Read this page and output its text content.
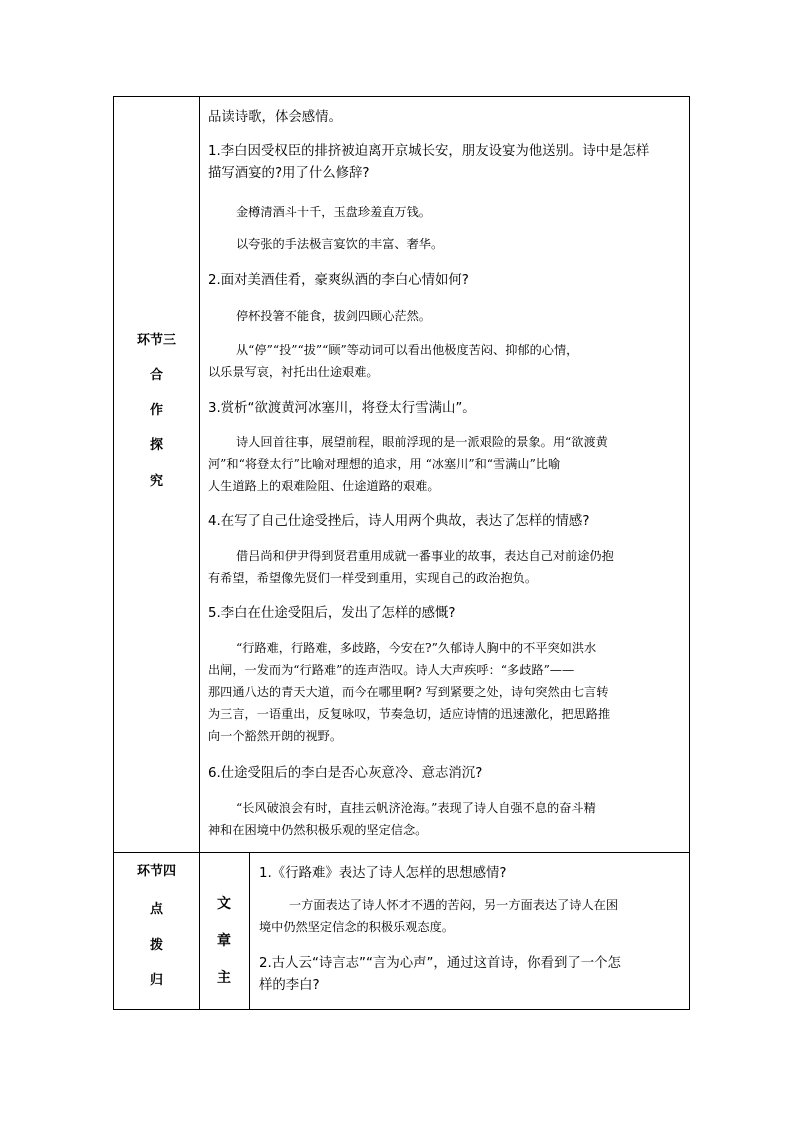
环节三
合
作
探
究
品读诗歌，体会感情。
1.李白因受权臣的排挤被迫离开京城长安，朋友设宴为他送别。诗中是怎样
描写酒宴的?用了什么修辞?
金樽清酒斗十千，玉盘珍羞直万钱。
以夸张的手法极言宴饮的丰富、奢华。
2.面对美酒佳肴，豪爽纵酒的李白心情如何?
停杯投箸不能食，拔剑四顾心茫然。
从“停”“投”“拔”“顾”等动词可以看出他极度苦闷、抑郁的心情，
以乐景写哀，衬托出仕途艰难。
3.赏析“欲渡黄河冰塞川，将登太行雪满山”。
诗人回首往事，展望前程，眼前浮现的是一派艰险的景象。用“欲渡黄
河”和“将登太行”比喻对理想的追求，用 “冰塞川”和“雪满山”比喻
人生道路上的艰难险阻、仕途道路的艰难。
4.在写了自己仕途受挫后，诗人用两个典故，表达了怎样的情感?
借吕尚和伊尹得到贤君重用成就一番事业的故事，表达自己对前途仍抱
有希望，希望像先贤们一样受到重用，实现自己的政治抱负。
5.李白在仕途受阻后，发出了怎样的感慨?
“行路难，行路难，多歧路，今安在?”久郁诗人胸中的不平突如洪水
出闸，一发而为“行路难”的连声浩叹。诗人大声疾呼：“多歧路”——
那四通八达的青天大道，而今在哪里啊? 写到紧要之处，诗句突然由七言转
为三言，一语重出，反复咏叹，节奏急切，适应诗情的迅速激化，把思路推
向一个豁然开朗的视野。
6.仕途受阻后的李白是否心灰意冷、意志消沉?
“长风破浪会有时，直挂云帆济沧海。”表现了诗人自强不息的奋斗精
神和在困境中仍然积极乐观的坚定信念。
环节四
点
拨
归
文
章
主
1.《行路难》表达了诗人怎样的思想感情?
一方面表达了诗人怀才不遇的苦闷，另一方面表达了诗人在困
境中仍然坚定信念的积极乐观态度。
2.古人云“诗言志”“言为心声”，通过这首诗，你看到了一个怎
样的李白?
